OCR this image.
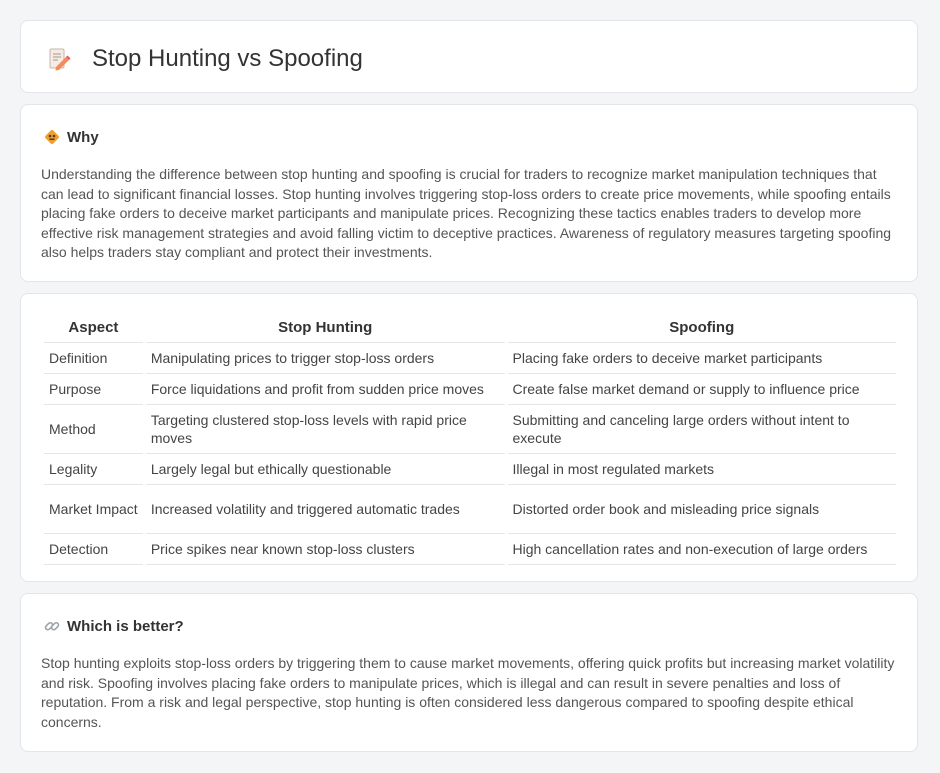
Stop Hunting vs Spoofing
Why

Understanding the difference between stop hunting and spoofing is crucial for traders to recognize market manipulation techniques that can lead to significant financial losses. Stop hunting involves triggering stop-loss orders to create price movements, while spoofing entails placing fake orders to deceive market participants and manipulate prices. Recognizing these tactics enables traders to develop more effective risk management strategies and avoid falling victim to deceptive practices. Awareness of regulatory measures targeting spoofing also helps traders stay compliant and protect their investments.

Aspect	Stop Hunting	Spoofing
Definition	Manipulating prices to trigger stop-loss orders	Placing fake orders to deceive market participants
Purpose	Force liquidations and profit from sudden price moves	Create false market demand or supply to influence price
Method	Targeting clustered stop-loss levels with rapid price moves	Submitting and canceling large orders without intent to execute
Legality	Largely legal but ethically questionable	Illegal in most regulated markets
Market Impact	Increased volatility and triggered automatic trades	Distorted order book and misleading price signals
Detection	Price spikes near known stop-loss clusters	High cancellation rates and non-execution of large orders
Which is better?

Stop hunting exploits stop-loss orders by triggering them to cause market movements, offering quick profits but increasing market volatility and risk. Spoofing involves placing fake orders to manipulate prices, which is illegal and can result in severe penalties and loss of reputation. From a risk and legal perspective, stop hunting is often considered less dangerous compared to spoofing despite ethical concerns.
